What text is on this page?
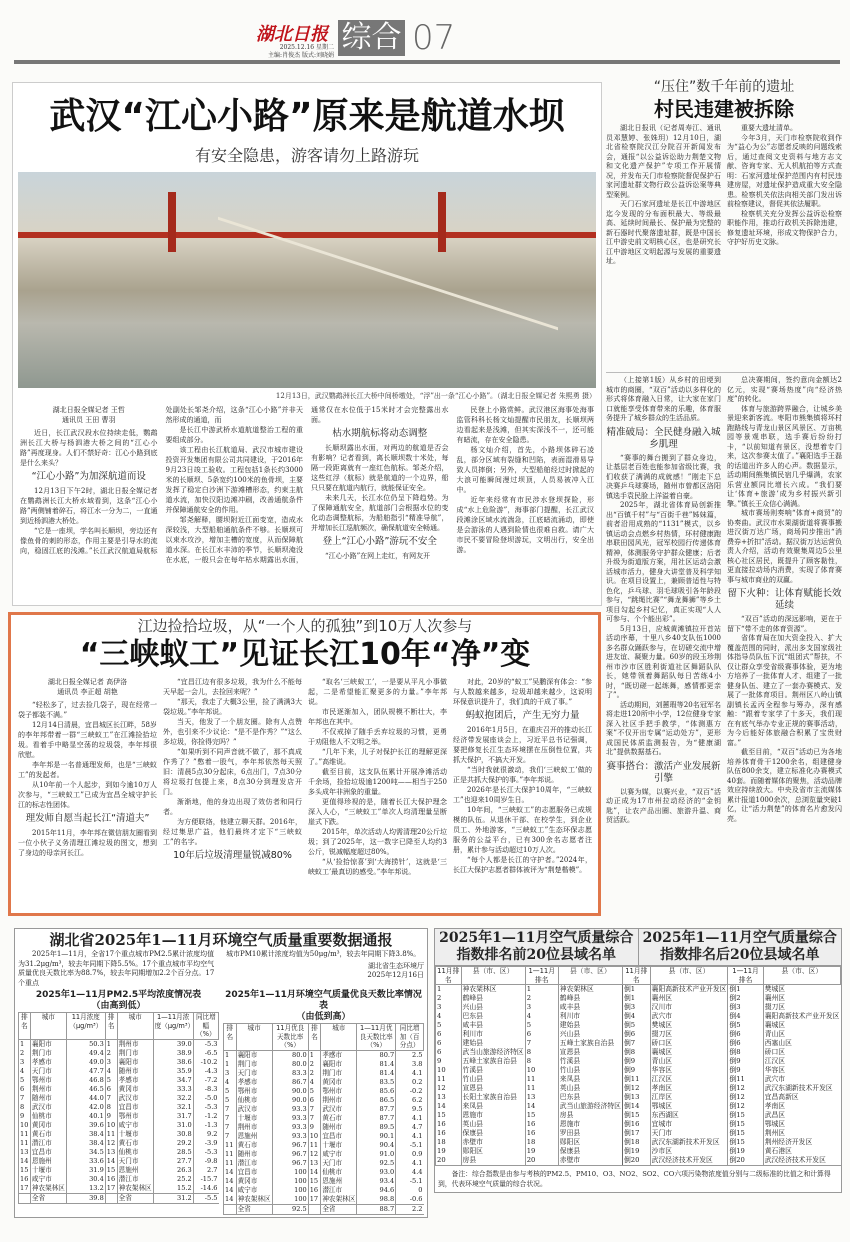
湖北日报
2025.12.16 星期二
主编:肖俊杰 版式:刘晓娟
综合 07
武汉“江心小路”原来是航道水坝
有安全隐患，游客请勿上路游玩
12月13日，武汉鹦鹉洲长江大桥中间桥墩处，“浮”出一条“江心小路”。（湖北日报全媒记者 朱熙勇 摄）

湖北日报全媒记者 王哲
通讯员 王田 曹羽

近日，长江武汉段水位持续走低，鹦鹉洲长江大桥与杨泗港大桥之间的“江心小路”再度现身。人们不禁好奇：江心小路到底是什么来头？

“江心小路”为加深航道而设

12月13日下午2时，湖北日报全媒记者在鹦鹉洲长江大桥水域看到，这条“江心小路”两侧铺着碎石，将江水一分为二，一直通到近杨泗港大桥处。

“它是一座坝，学名叫长顺坝，旁边还有像鱼骨的刺的形态，作用主要是引导水的流向，稳固江底的浅滩。”长江武汉航道局航标处副处长邹尧介绍，这条“江心小路”并非天然形成的通道，而

是长江中游武桥水道航道整治工程的重要组成部分。

该工程由长江航道局、武汉市城市建设投资开发集团有限公司共同建设，于2016年9月23日竣工验收。工程包括1条长约3000米的长顺坝、5条宽约100米的鱼骨坝，主要发挥了稳定白沙洲下游滩槽形态，约束主航道水流，加快汉阳边滩冲刷，改善通航条件并保障通航安全的作用。

邹尧解释，腰坝附近江面变宽，造成水深较浅，大型船舶通航条件不够。长顺坝可以束水攻沙，增加主槽的宽度，从而保障航道水深。在长江水丰沛的季节，长顺坝淹没在水底，一般只会在每年枯水期露出水面，通常仅在水位低于15米时才会完整露出水面。

枯水期航标将动态调整

长顺坝露出水面，对两边的航道是否会有影响？记者看到，离长顺坝数十米处，每隔一段距离就有一座红色航标。邹尧介绍，这些红浮（航标）就是航道的一个边界，船只只要在航道内航行，就能保证安全。

未来几天，长江水位仍呈下降趋势。为了保障通航安全，航道部门会根据水位的变化动态调整航标，为船舶指引“精准导航”，并增加长江巡航频次，确保航道安全畅通。

登上“江心小路”游玩不安全

“江心小路”在网上走红，有网友开

民登上小路赏鲜。武汉港区海事处海事监管科科长杨文灿提醒市民朋友，长顺坝两边看起来是浅滩，但其实深浅不一，还可能有暗流，存在安全隐患。

杨文灿介绍，首先，小路坝体碎石凌乱，部分区域有裂缝和凹陷，表面湿滑易导致人员摔倒；另外，大型船舶经过时掀起的大浪可能瞬间漫过坝顶，人员易被冲入江中。

近年来经常有市民涉水登坝探险，形成“水上危险游”，海事部门提醒，长江武汉段滩涂区域水流湍急，江底暗流涌动，即使是会游泳的人遇到险情也很难自救。请广大市民不要冒险登坝游玩，文明出行，安全出游。

“压住”数千年前的遗址
村民违建被拆除

湖北日报讯（记者周寿江、通讯员邓慧婷、张姝玥）12月10日，湖北省检察院汉江分院召开新闻发布会，通报“以公益诉讼助力荆楚文物和文化遗产保护”专项工作开展情况，并发布天门市检察院督促保护石家河遗址群文物行政公益诉讼案等典型案例。

天门石家河遗址是长江中游地区迄今发现的分布面积最大、等级最高、延续时间最长、保护最为完整的新石器时代聚落遗址群，既是中国长江中游史前文明核心区，也是研究长江中游地区文明起源与发展的重要遗址。

重要大遗址清单。

今年3月，天门市检察院收到作为“益心为公”志愿者反映的问题线索后，通过查阅文史资料与地方志文献、咨询专家、无人机航拍等方式查明：石家河遗址保护范围内有村民违建房屋，对遗址保护造成重大安全隐患。检察机关依法向相关部门发出诉前检察建议，督促其依法履职。

检察机关充分发挥公益诉讼检察职能作用，推动行政机关拆除违建，修复遗址环境，形成文物保护合力，守护好历史文脉。

（上接第1版）从乡村的田埂到城市的商圈，“双百”活动以多样化的形式将体育融入日常，让大家在家门口就能享受体育带来的乐趣，体育服务提升了城乡群众的生活品质。

精准破局：全民健身融入城乡肌理

“赛事的舞台搬到了群众身边，让基层老百姓也能参加省级比赛，我们收获了满满的成就感！”刚走下总决赛乒乓球赛场，随州市曾都区洛阳镇选手袁民脸上洋溢着自豪。

2025年，湖北省体育局创新推出“百镇千村”与“百街千巷”姊妹篇，前者沿用成熟的“1131”模式，以乡镇运动会点燃乡村热情，环村健康跑串联田园风光，冠军校园行传递体育精神，体测服务守护群众健康；后者升级为街道版方案，用社区运动会激活城市活力，健身大讲堂普及科学知识。在项目设置上，兼顾普适性与特色化，乒乓球、羽毛球吸引各年龄段参与，“跳绳比赛”“舞龙舞狮”等乡土项目勾起乡村记忆，真正实现“人人可参与、个个能出彩”。

5月13日，应城黄滩镇拉开首站活动序幕，十里八乡40支队伍1000多名群众踊跃参与，在切磋交流中增进友谊、凝聚力量。60岁的段玉珍荆州市沙市区胜利街道社区舞蹈队队长，她带领着舞蹈队每日苦练4小时，“既切磋一起练舞，感情都更亲了”。

活动期间，刘蕙瑕等20名冠军名将走进120所中小学，12位健身专家深入社区手把手教学，“体测惠方案”不仅开出专属“运动处方”，更形成国民体质监测报告，为“健康湖北”提供数据基石。

赛事搭台：激活产业发展新引擎

以赛为媒，以赛兴业，“双百”活动正成为17市州拉动经济的“金钥匙”，让农产品出圈、旅游升温、商贸活跃。

总决赛期间，签约意向金额达2亿元，实现“赛场热度”向“经济热度”的转化。

体育与旅游跨界融合，让城乡美景迎来新客流。枣阳市熊集镇将环村跑路线与青龙山景区风景区、万亩桃园等景观串联，选手赛后纷纷打卡，“以前知道有景区，没想着专门来，这次参赛太值了。”襄阳选手王磊的话道出许多人的心声。数据显示，活动期间熊集镇民宿几乎爆满，农家乐营业额同比增长六成。“我们要让‘体育+旅游’成为乡村振兴新引擎。”镇长王众信心满满。

城市赛场则奏响“体育+商贸”的协奏曲。武汉市水果湖街道将赛事搬进汉街万达广场，商场同步推出“消费券+折扣”活动。据汉街万达运营负责人介绍，活动有效聚集周边5公里核心社区居民，既提升了顾客黏性，更直接拉动场内消费，实现了体育赛事与城市商业的双赢。

留下火种：让体育赋能长效延续

“双百”活动的深远影响，更在于留下“带不走的体育资源”。

省体育局在加大资金投入、扩大覆盖范围的同时，派出多支国家级社体指导员队伍下沉“组团式”帮扶，不仅让群众享受省级赛事体验，更为地方培养了一批体育人才、组建了一批健身队伍、建立了一套办赛模式、发展了一批体育项目。荆州区八岭山镇副镇长孟丙全程参与筹办，深有感触：“跟着专家学了十多天，我们现在有底气举办专业正规的赛事活动，为今后能好体旅融合积累了宝贵财富。”

截至目前，“双百”活动已为各地培养体育骨干1200余名，组建健身队伍800余支，建立标准化办赛模式40套。而随着媒体的聚焦，活动品牌效应持续放大。中央及省市主流媒体累计报道1000余次，总浏览量突破1亿，让“活力荆楚”的体育名片愈发闪亮。

江边捡拾垃圾，从“一个人的孤独”到10万人次参与
“三峡蚁工”见证长江10年“净”变

湖北日报全媒记者 高伊洛
通讯员 李正超 胡艳

“轻松多了，过去捡几袋子，现在经常一袋子都装不满。”

12月14日清晨，宜昌城区长江畔，58岁的李年邦带着一群“三峡蚁工”在江滩捡拾垃圾。看着手中略显空荡的垃圾袋，李年邦很欣慰。

李年邦是一名普通理发师，也是“三峡蚁工”的发起者。

从10年前一个人起步，到如今逾10万人次参与，“三峡蚁工”已成为宜昌全城守护长江的标志性团体。

理发师自愿当起长江“清道夫”

2015年11月，李年邦在微信朋友圈看到一位小伙子义务清理江滩垃圾的图文，想到了身边的母亲河长江。

“宜昌江边有很多垃圾，我为什么不能每天早起一会儿，去捡回来呢？”

“那天，我走了大概3公里，捡了满满3大袋垃圾。”李年邦说。

当天，他发了一个朋友圈。除有人点赞外，也引来不少议论：“是不是作秀？”“这么多垃圾，你捡得完吗？”

“如果听到不同声音就不做了，那不真成作秀了？”憋着一股气，李年邦依然每天照旧：清晨5点30分起床，6点出门，7点30分将垃圾打包提上来，8点30分到理发店开门。

渐渐地，他的身边出现了效仿者和同行者。

为方便联络，他建立聊天群。2016年，经过集思广益，他们最终才定下“三峡蚁工”的名字。

10年后垃圾清理量锐减80%

“取名‘三峡蚁工’，一是要从平凡小事做起，二是希望能汇聚更多的力量。”李年邦说。

市民逐渐加入，团队规模不断壮大，李年邦也在其中。

不仅戒掉了随手丢弃垃圾的习惯，更勇于劝阻他人不文明之举。

“几年下来，儿子对保护长江的理解更深了。”高维说。

截至目前，这支队伍累计开展净滩活动千余场，捡拾垃圾逾1200吨——相当于250多头成年非洲象的重量。

更值得珍视的是，随着长江大保护理念深入人心，“三峡蚁工”单次人均清理量呈断崖式下跌。

2015年，单次活动人均需清理20公斤垃圾；到了2025年，这一数字已降至人均约3公斤，锐减幅度超过80%。

“从‘捡拾惊喜’到‘大海捞针’，这就是‘三峡蚁工’最真切的感受。”李年邦说。

对此，20岁的“蚁工”吴鹏深有体会：“参与人数越来越多，垃圾却越来越少，这说明环保意识提升了，我们真的干成了事。”

蚂蚁抱团后，产生无穷力量

2016年1月5日，在重庆召开的推动长江经济带发展座谈会上，习近平总书记强调，要把修复长江生态环境摆在压倒性位置，共抓大保护，不搞大开发。

“当时我就很激动，我们‘三峡蚁工’做的正是共抓大保护的事。”李年邦说。

2026年是长江大保护10周年，“三峡蚁工”也迎来10周岁生日。

10年间，“三峡蚁工”的志愿服务已成规模的队伍。从退休干部、在校学生，到企业员工、外地游客，“三峡蚁工”生态环保志愿服务的公益平台，已有300余名志愿者注册，累计参与活动超过10万人次。

“每个人都是长江的守护者。”2024年，长江大保护志愿者群体被评为“荆楚楷模”。

湖北省2025年1—11月环境空气质量重要数据通报

2025年1—11月，全省17个重点城市PM2.5累计浓度均值为31.2μg/m³，较去年同期下降5.5%。17个重点城市平均空气质量优良天数比率为88.7%，较去年同期增加2.2个百分点。17个重点

城市PM10累计浓度均值为50μg/m³，较去年同期下降3.8%。

湖北省生态环境厅

2025年12月16日

2025年1—11月PM2.5平均浓度情况表
（由高到低）
排名	城市	11月浓度（μg/m³）	排名	城市	1—11月浓度（μg/m³）	同比增幅（%）
1	襄阳市	50.3	1	荆州市	39.0	-5.3
2	荆门市	49.4	2	荆门市	38.9	-6.5
3	孝感市	49.0	3	襄阳市	38.6	-10.2
4	天门市	47.7	4	随州市	35.9	-4.3
5	鄂州市	46.8	5	孝感市	34.7	-7.2
6	荆州市	46.5	6	黄冈市	33.3	-8.3
7	随州市	44.0	7	武汉市	32.2	-5.0
8	武汉市	42.0	8	宜昌市	32.1	-5.3
9	仙桃市	40.1	9	鄂州市	31.7	-1.2
10	黄冈市	39.6	10	咸宁市	31.0	-1.3
11	黄石市	38.4	11	十堰市	30.8	9.2
11	潜江市	38.4	12	黄石市	29.2	-3.9
13	宜昌市	34.5	13	仙桃市	28.5	-5.3
14	恩施州	33.6	14	天门市	27.7	-9.8
15	十堰市	31.9	15	恩施州	26.3	2.7
16	咸宁市	30.4	16	潜江市	25.2	-15.7
17	神农架林区	13.2	17	神农架林区	15.2	-14.6
	全省	39.8		全省	31.2	-5.5
2025年1—11月环境空气质量优良天数比率情况表
（由低到高）
排名	城市	11月优良天数比率（%）	排名	城市	1—11月优良天数比率（%）	同比增加（百分点）
1	襄阳市	80.0	1	孝感市	80.7	2.5
1	荆门市	80.0	2	襄阳市	81.4	3.8
3	天门市	83.3	2	荆门市	81.4	4.1
4	孝感市	86.7	4	黄冈市	83.5	0.2
5	鄂州市	90.0	5	鄂州市	85.6	-0.2
5	仙桃市	90.0	6	荆州市	86.5	6.2
7	武汉市	93.3	7	武汉市	87.7	9.5
7	十堰市	93.3	7	黄石市	87.7	4.1
7	荆州市	93.3	9	随州市	89.5	4.7
7	恩施州	93.3	10	宜昌市	90.1	4.1
11	黄石市	96.7	11	十堰市	90.4	-5.1
11	随州市	96.7	12	咸宁市	91.0	0.9
11	潜江市	96.7	13	天门市	92.5	4.1
14	宜昌市	100	14	仙桃市	93.0	4.4
14	黄冈市	100	15	恩施州	93.4	-5.1
14	咸宁市	100	16	潜江市	94.6	0
14	神农架林区	100	17	神农架林区	98.8	-0.6
	全省	92.5		全省	88.7	2.2
2025年1—11月空气质量综合指数排名前20位县域名单
2025年1—11月空气质量综合指数排名后20位县域名单
11月排名	县（市、区）	1—11月排名	县（市、区）	11月排名	县（市、区）	1—11月排名	县（市、区）
1	神农架林区	1	神农架林区	倒1	襄阳高新技术产业开发区	倒1	樊城区
2	鹤峰县	2	鹤峰县	倒1	襄州区	倒2	襄州区
3	兴山县	3	咸丰县	倒3	汉川市	倒3	掇刀区
4	巴东县	4	利川市	倒4	武穴市	倒4	襄阳高新技术产业开发区
5	咸丰县	5	建始县	倒5	樊城区	倒5	襄城区
6	利川市	6	兴山县	倒6	掇刀区	倒6	青山区
6	建始县	7	五峰土家族自治县	倒7	硚口区	倒6	西塞山区
6	武当山旅游经济特区	8	宣恩县	倒8	襄城区	倒8	硚口区
9	五峰土家族自治县	8	竹溪县	倒9	青山区	倒9	江汉区
10	竹溪县	10	竹山县	倒9	华容区	倒9	华容区
11	竹山县	11	来凤县	倒11	江汉区	倒11	武穴市
12	宣恩县	11	英山县	倒12	孝南区	倒12	武汉东湖新技术开发区
13	长阳土家族自治县	13	巴东县	倒13	江岸区	倒12	宜昌高新区
14	来凤县	14	武当山旅游经济特区	倒14	鄂城区	倒12	孝南区
15	恩施市	15	房县	倒15	东西湖区	倒15	武昌区
16	英山县	16	恩施市	倒16	宜城市	倒15	鄂城区
16	保康县	16	罗田县	倒17	天门市	倒15	荆州区
18	赤壁市	18	郧阳区	倒18	武汉东湖新技术开发区	倒15	荆州经济开发区
19	郧阳区	19	保康县	倒19	沙市区	倒19	黄石港区
20	房县	20	赤壁市	倒20	武汉经济技术开发区	倒20	武汉经济技术开发区

备注：综合指数是由参与考核的PM2.5、PM10、O3、NO2、SO2、CO六项污染物浓度值分别与二级标准的比值之和计算得到，代表环境空气质量的综合状况。
